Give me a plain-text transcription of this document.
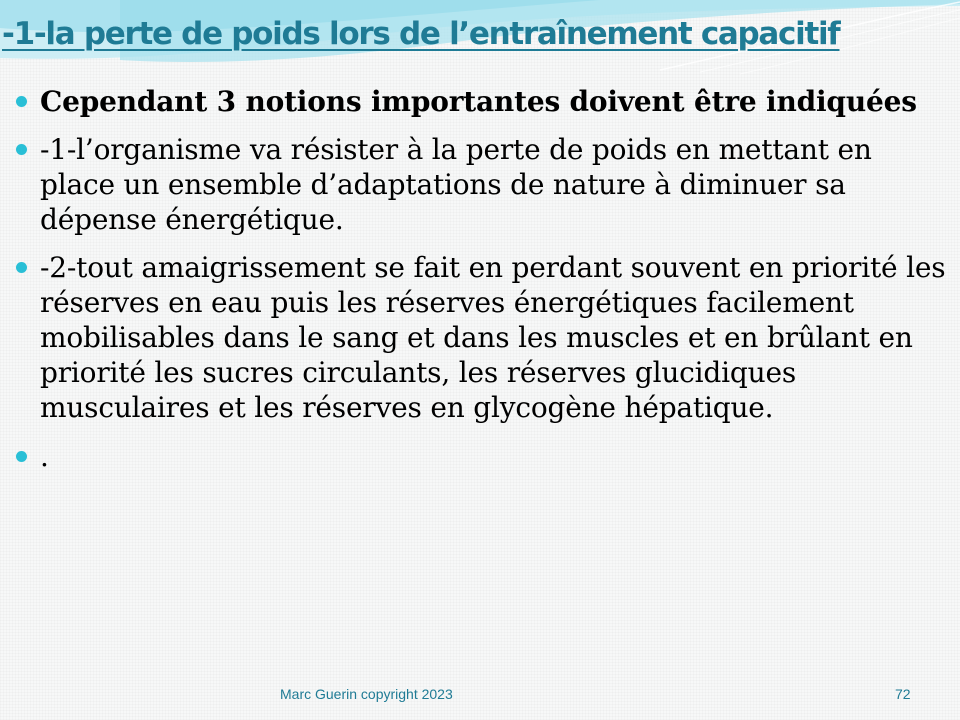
-1-la perte de poids lors de l’entraînement capacitif
Cependant 3 notions importantes doivent être indiquées
-1-l’organisme va résister à la perte de poids en mettant en place un ensemble d’adaptations de nature à diminuer sa dépense énergétique.
-2-tout amaigrissement se fait en perdant souvent en priorité les réserves en eau puis les réserves énergétiques facilement mobilisables dans le sang et dans les muscles et en brûlant en priorité les sucres circulants, les réserves glucidiques musculaires et les réserves en glycogène hépatique.
.
Marc Guerin copyright 2023	72
